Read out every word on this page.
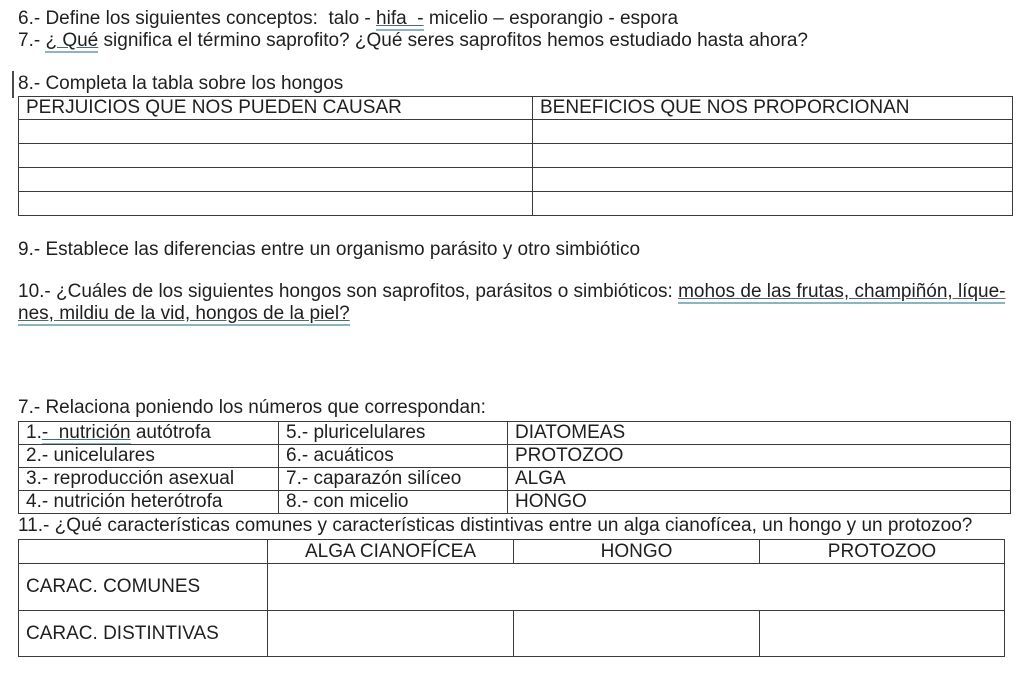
6.- Define los siguientes conceptos:  talo - hifa  - micelio – esporangio - espora

7.- ¿ Qué significa el término saprofito? ¿Qué seres saprofitos hemos estudiado hasta ahora?

8.- Completa la tabla sobre los hongos

PERJUICIOS QUE NOS PUEDEN CAUSAR	BENEFICIOS QUE NOS PROPORCIONAN

9.- Establece las diferencias entre un organismo parásito y otro simbiótico

10.- ¿Cuáles de los siguientes hongos son saprofitos, parásitos o simbióticos: mohos de las frutas, champiñón, líque-
nes, mildiu de la vid, hongos de la piel?

7.- Relaciona poniendo los números que correspondan:

1.-  nutrición autótrofa	5.- pluricelulares	DIATOMEAS
2.- unicelulares	6.- acuáticos	PROTOZOO
3.- reproducción asexual	7.- caparazón silíceo	ALGA
4.- nutrición heterótrofa	8.- con micelio	HONGO

11.- ¿Qué características comunes y características distintivas entre un alga cianofícea, un hongo y un protozoo?

	ALGA CIANOFÍCEA	HONGO	PROTOZOO
CARAC. COMUNES			
CARAC. DISTINTIVAS			
